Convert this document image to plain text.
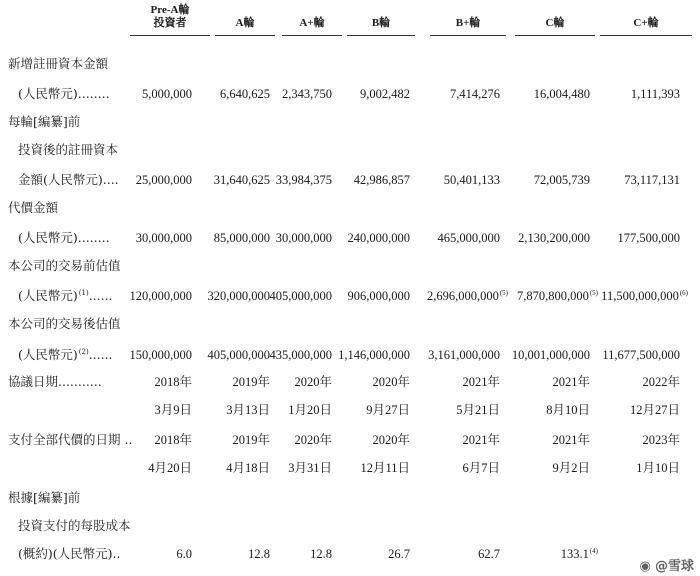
Pre-A輪
投資者	A輪	A+輪	B輪	B+輪	C輪	C+輪
新增註冊資本金額
(人民幣元)........	5,000,000 6,640,625 2,343,750 9,002,482	7,414,276	16,004,480	1,111,393
每輪[編纂]前
投資後的註冊資本
金額(人民幣元).... 25,000,000 31,640,625 33,984,375 42,986,857	50,401,133	72,005,739	73,117,131
代價金額
(人民幣元)........ 30,000,000 85,000,000 30,000,000 240,000,000 465,000,000 2,130,200,000 177,500,000
本公司的交易前估值
(人民幣元)$^{(1)}$...... 120,000,000 320,000,000 405,000,000 906,000,000 2,696,000,000$^{(5)}$ 7,870,800,000$^{(5)}$ 11,500,000,000$^{(6)}$
本公司的交易後估值
(人民幣元)$^{(2)}$...... 150,000,000 405,000,000 435,000,000 1,146,000,000 3,161,000,000 10,001,000,000 11,677,500,000
協議日期...........	2018年	2019年 2020年	2020年	2021年	2021年	2022年
3月9日	3月13日 1月20日	9月27日	5月21日	8月10日	12月27日
支付全部代價的日期 .. 2018年	2019年 2020年	2020年	2021年	2021年	2023年
4月20日	4月18日 3月31日 12月11日	6月7日	9月2日	1月10日
根據[編纂]前
投資支付的每股成本
(概約)(人民幣元)..	6.0	12.8	12.8	26.7	62.7	133.1$^{(4)}$
◉ @雪球
